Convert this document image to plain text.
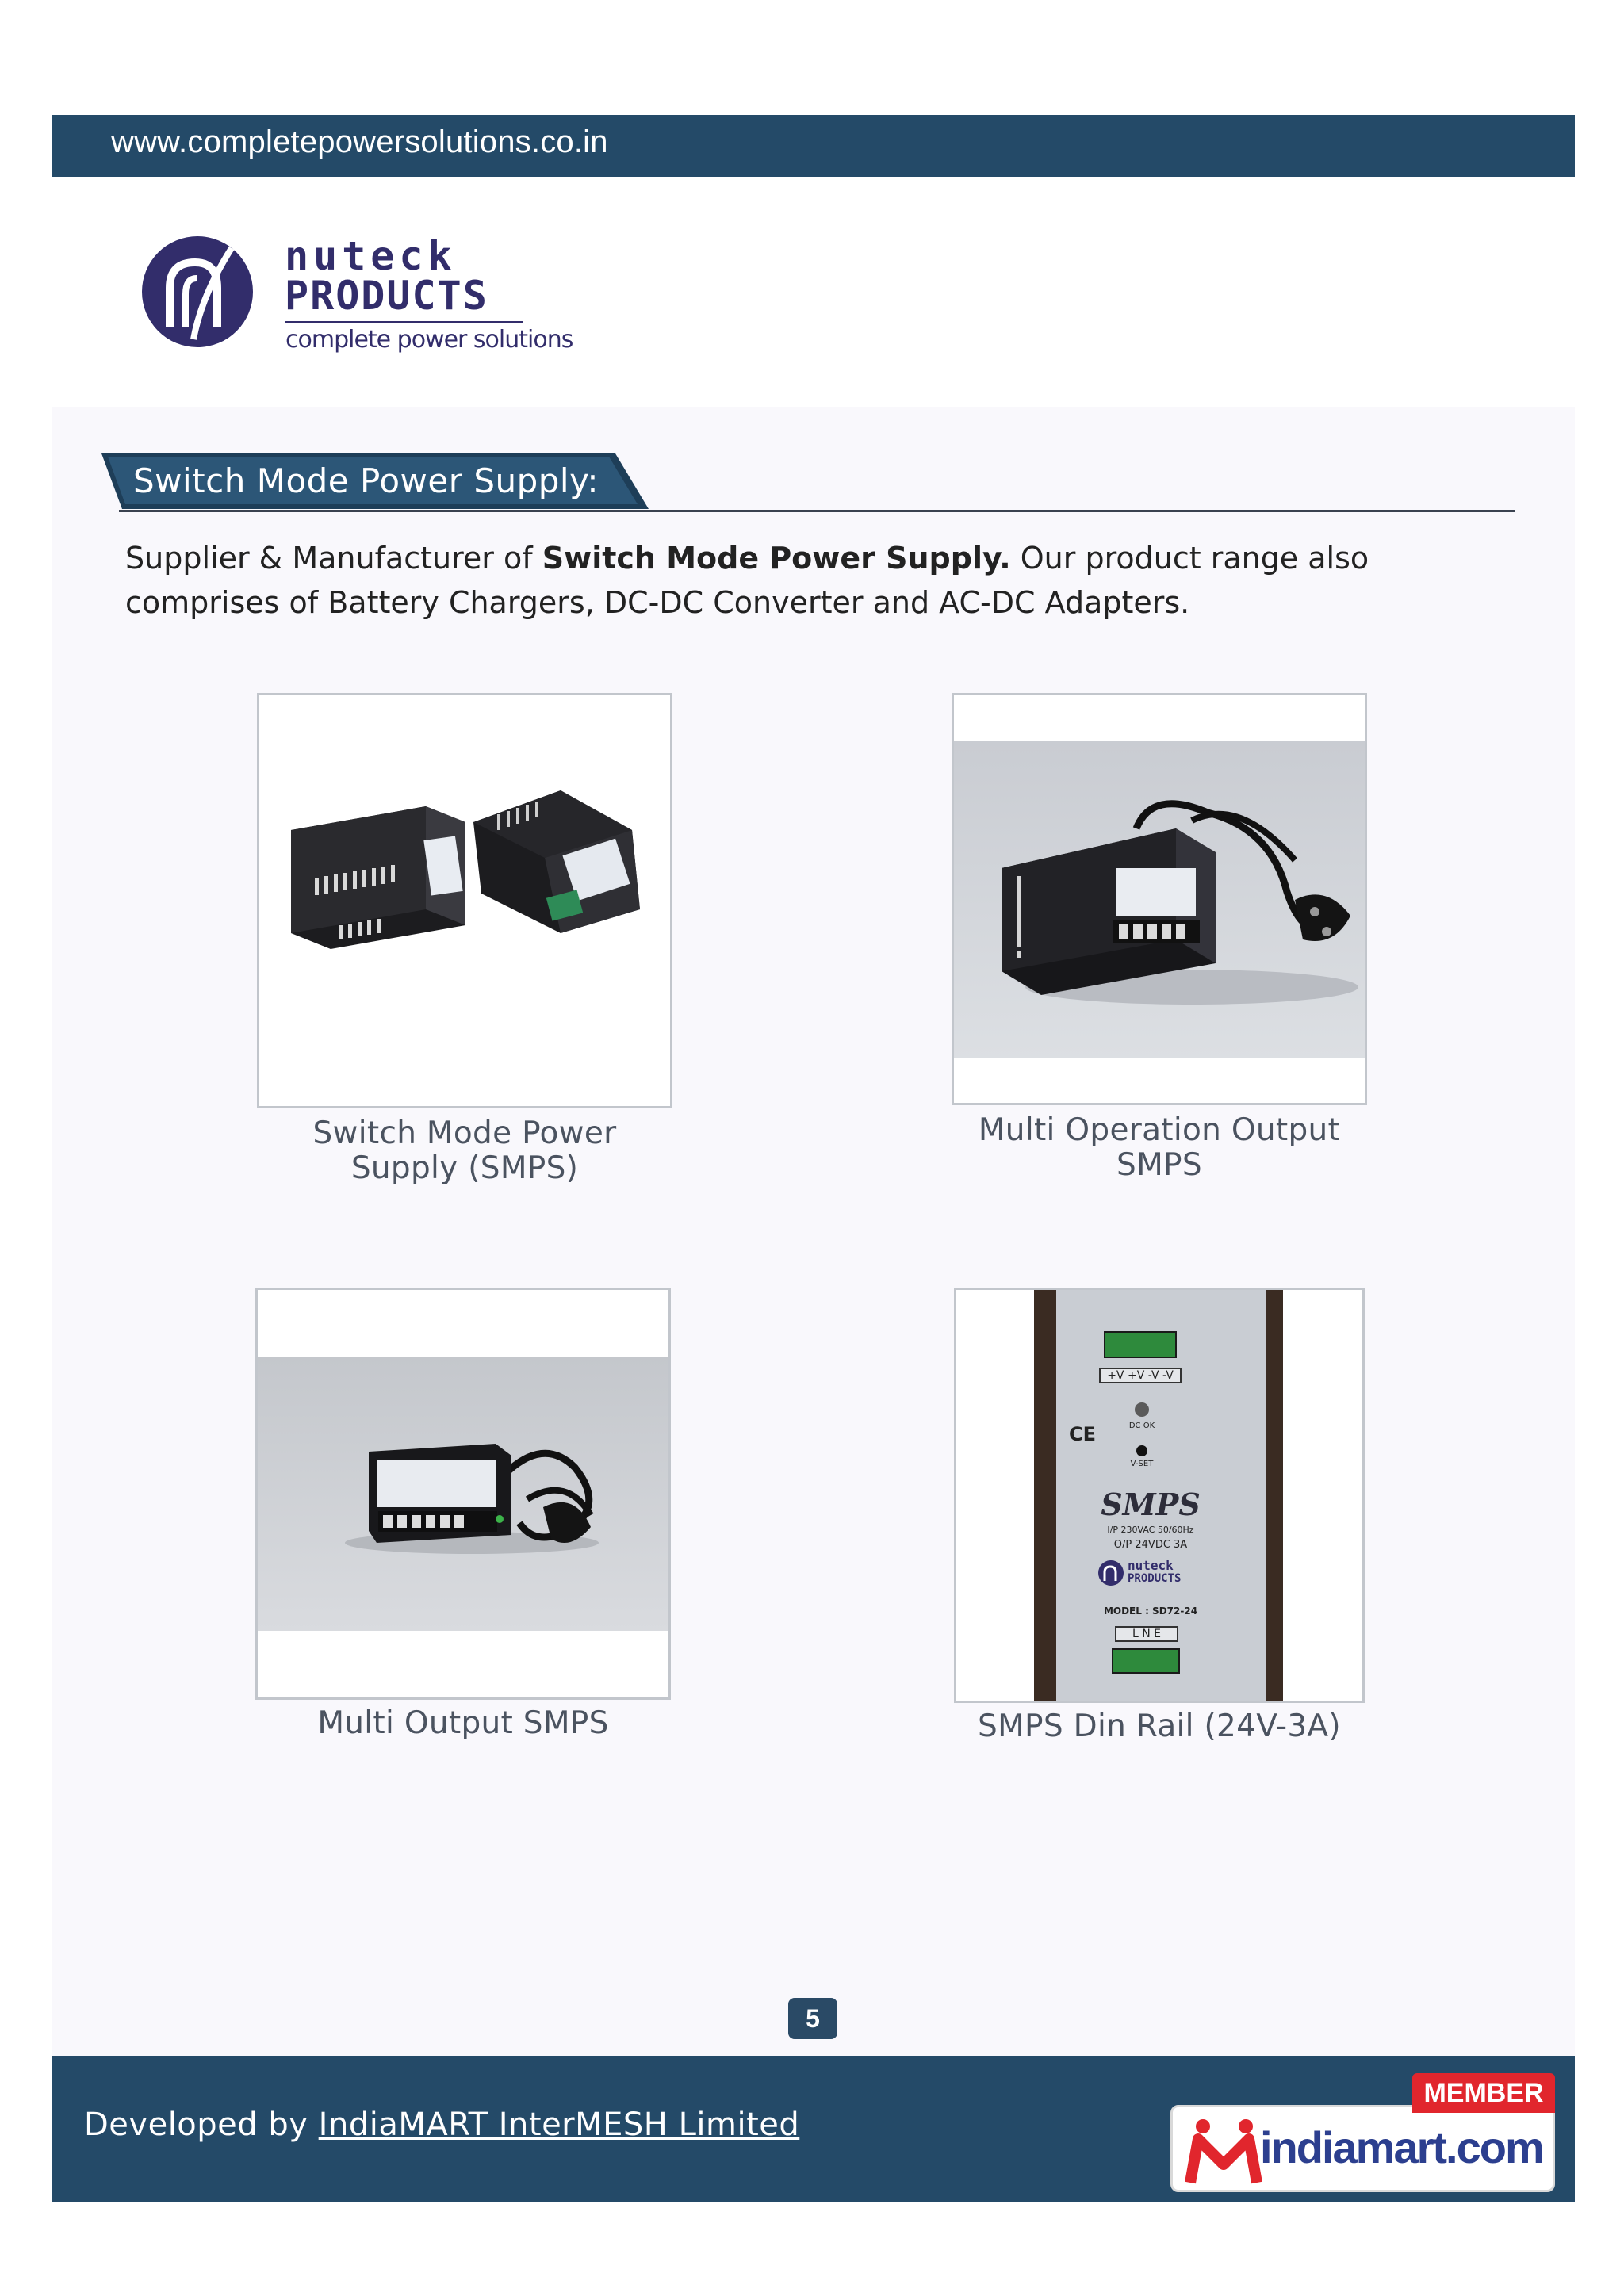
www.completepowersolutions.co.in
nuteck
PRODUCTS
complete power solutions
Switch Mode Power Supply:

Supplier & Manufacturer of Switch Mode Power Supply. Our product range also comprises of Battery Chargers, DC-DC Converter and AC-DC Adapters.

Switch Mode Power
Supply (SMPS)
Multi Operation Output
SMPS
Multi Output SMPS
+V +V -V -V
DC OK
CE
V-SET
SMPS
I/P 230VAC 50/60Hz
O/P 24VDC 3A
nuteck
PRODUCTS
MODEL : SD72-24
L N E
SMPS Din Rail (24V-3A)
5
Developed by IndiaMART InterMESH Limited	indiamart.com
MEMBER
